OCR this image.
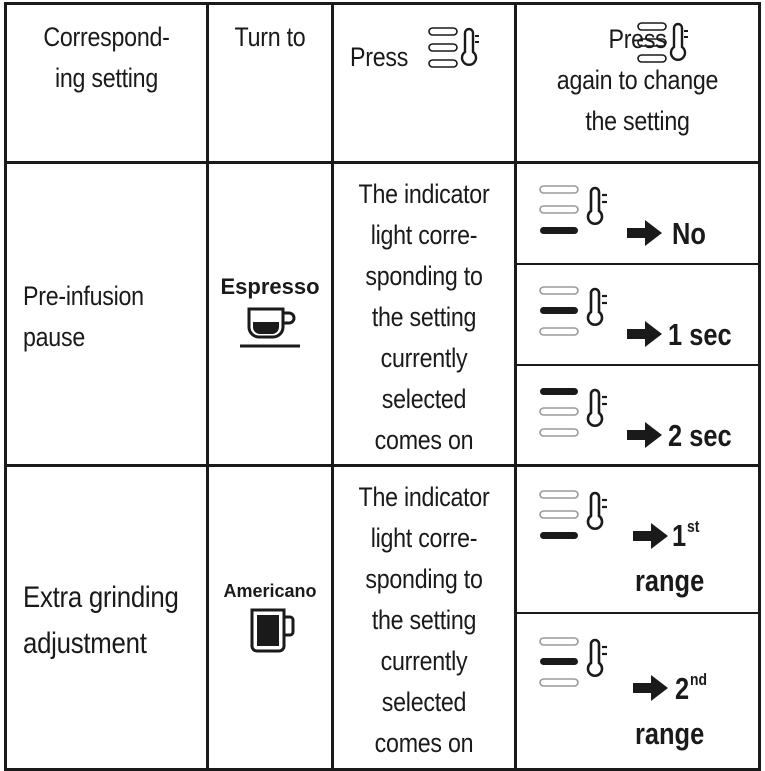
Correspond-
ing setting
Turn to
Press
Press
again to change
the setting
Pre-infusion
pause
Espresso
The indicator
light corre-
sponding to
the setting
currently
selected
comes on
No
1 sec
2 sec
Extra grinding
adjustment
Americano
The indicator
light corre-
sponding to
the setting
currently
selected
comes on
1st
range
2nd
range
